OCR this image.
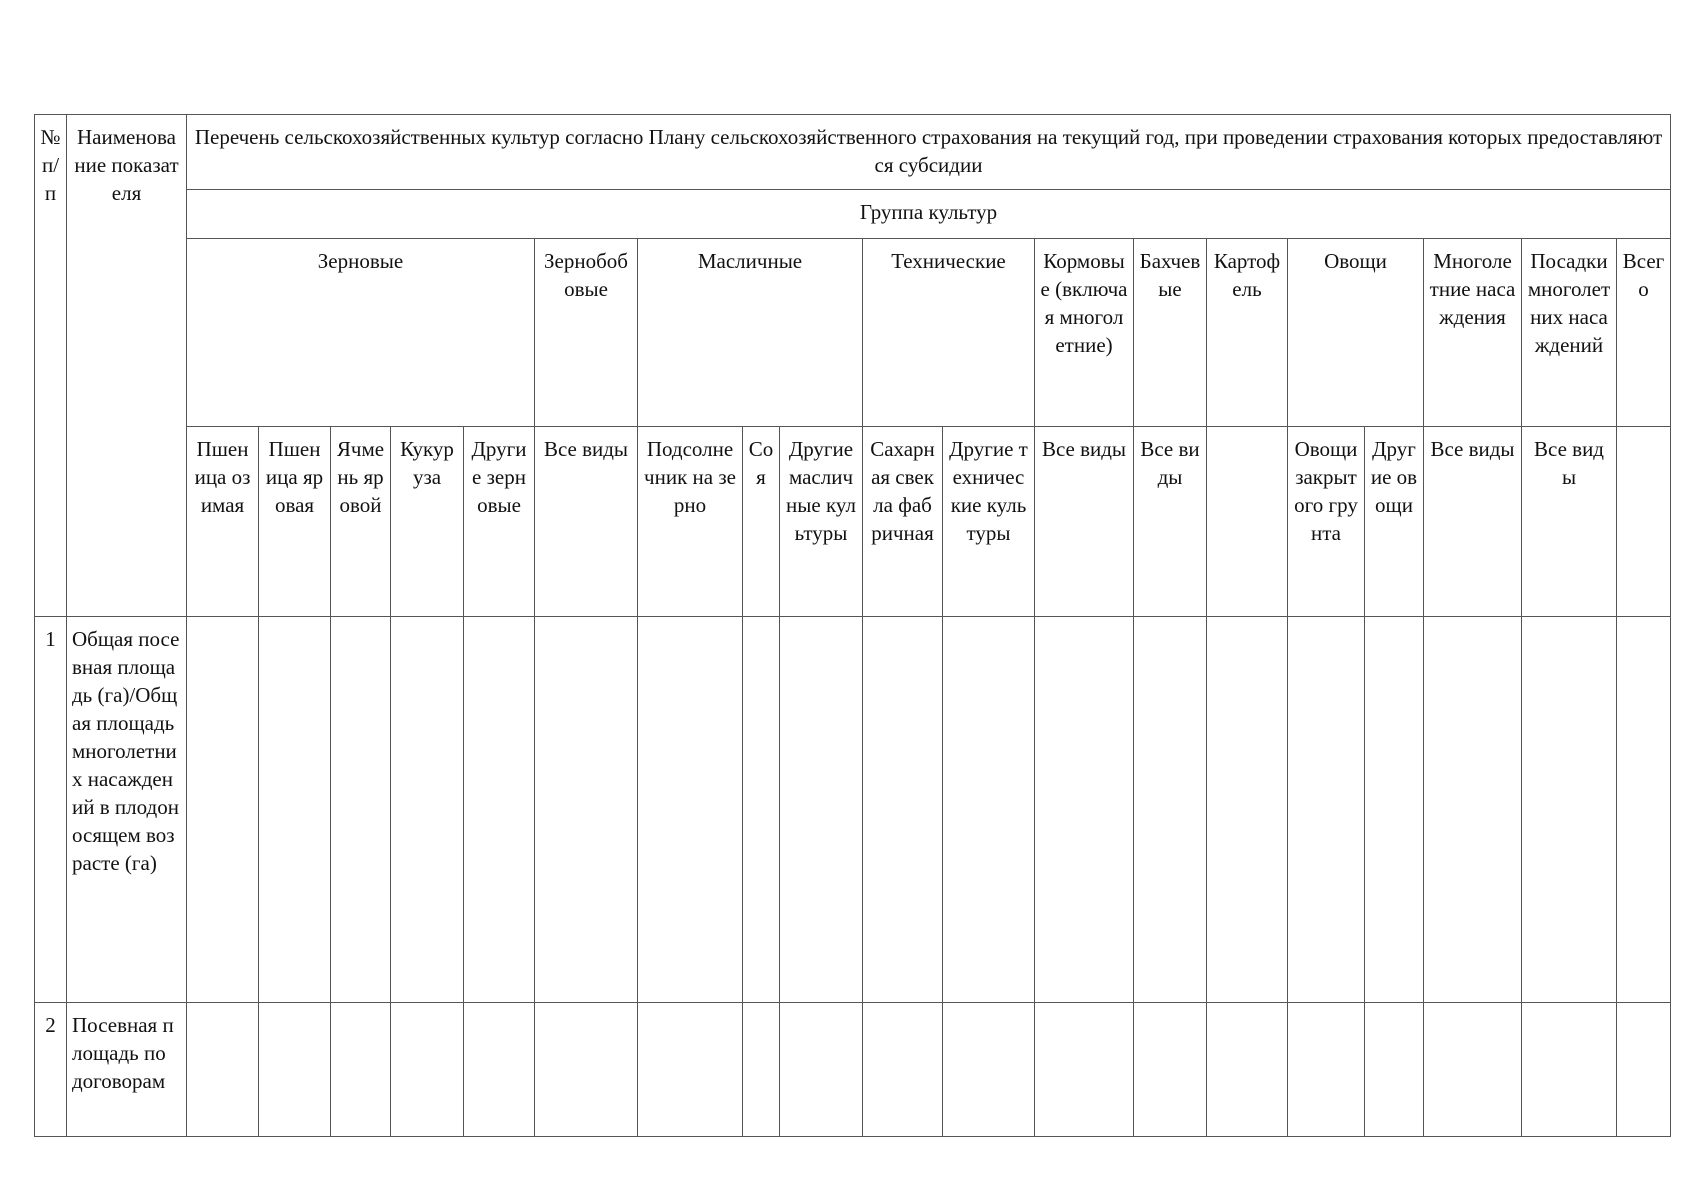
№ п/п	Наименование показателя	Перечень сельскохозяйственных культур согласно Плану сельскохозяйственного страхования на текущий год, при проведении страхования которых предоставляются субсидии																		
		Группа культур																		
		Зерновые					Зернобобовые	Масличные			Технические		Кормовые (включая многолетние)	Бахчевые	Картофель	Овощи		Многолетние насаждения	Посадки многолетних насаждений	Всего
		Пшеница озимая	Пшеница яровая	Ячмень яровой	Кукуруза	Другие зерновые	Все виды	Подсолнечник на зерно	Соя	Другие масличные культуры	Сахарная свекла фабричная	Другие технические культуры	Все виды	Все виды		Овощи закрытого грунта	Другие овощи	Все виды	Все виды	
1	Общая посевная площадь (га)/Общая площадь многолетних насаждений в плодоносящем возрасте (га)																			
2	Посевная площадь по договорам																			
